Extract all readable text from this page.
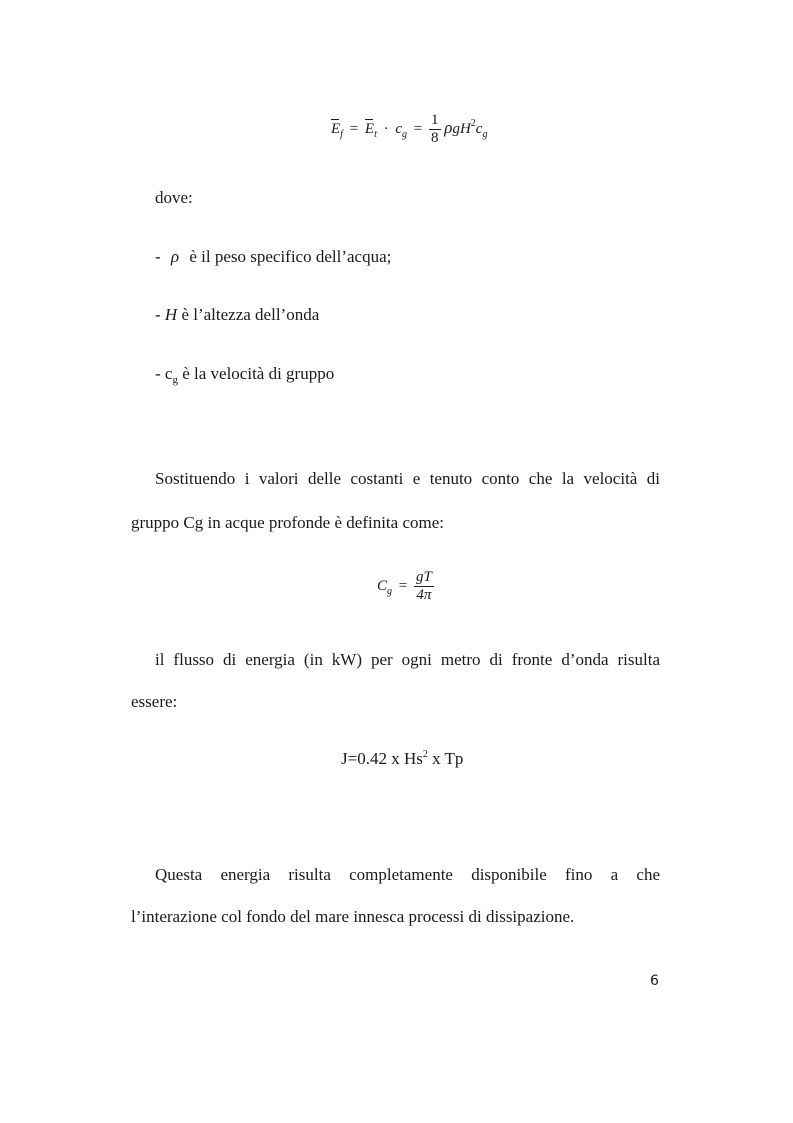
$E_f = E_t \cdot c_g = \frac{1}{8} \rho gH^2c_g$
dove:
- ρ è il peso specifico dell’acqua;
- H è l’altezza dell’onda
- $c_g$ è la velocità di gruppo
Sostituendo i valori delle costanti e tenuto conto che la velocità di
gruppo Cg in acque profonde è definita come:
$C_g = \frac{gT}{4\pi}$
il flusso di energia (in kW) per ogni metro di fronte d’onda risulta
essere:
J=0.42 x Hs$^2$ x Tp
Questa energia risulta completamente disponibile fino a che
l’interazione col fondo del mare innesca processi di dissipazione.
6
